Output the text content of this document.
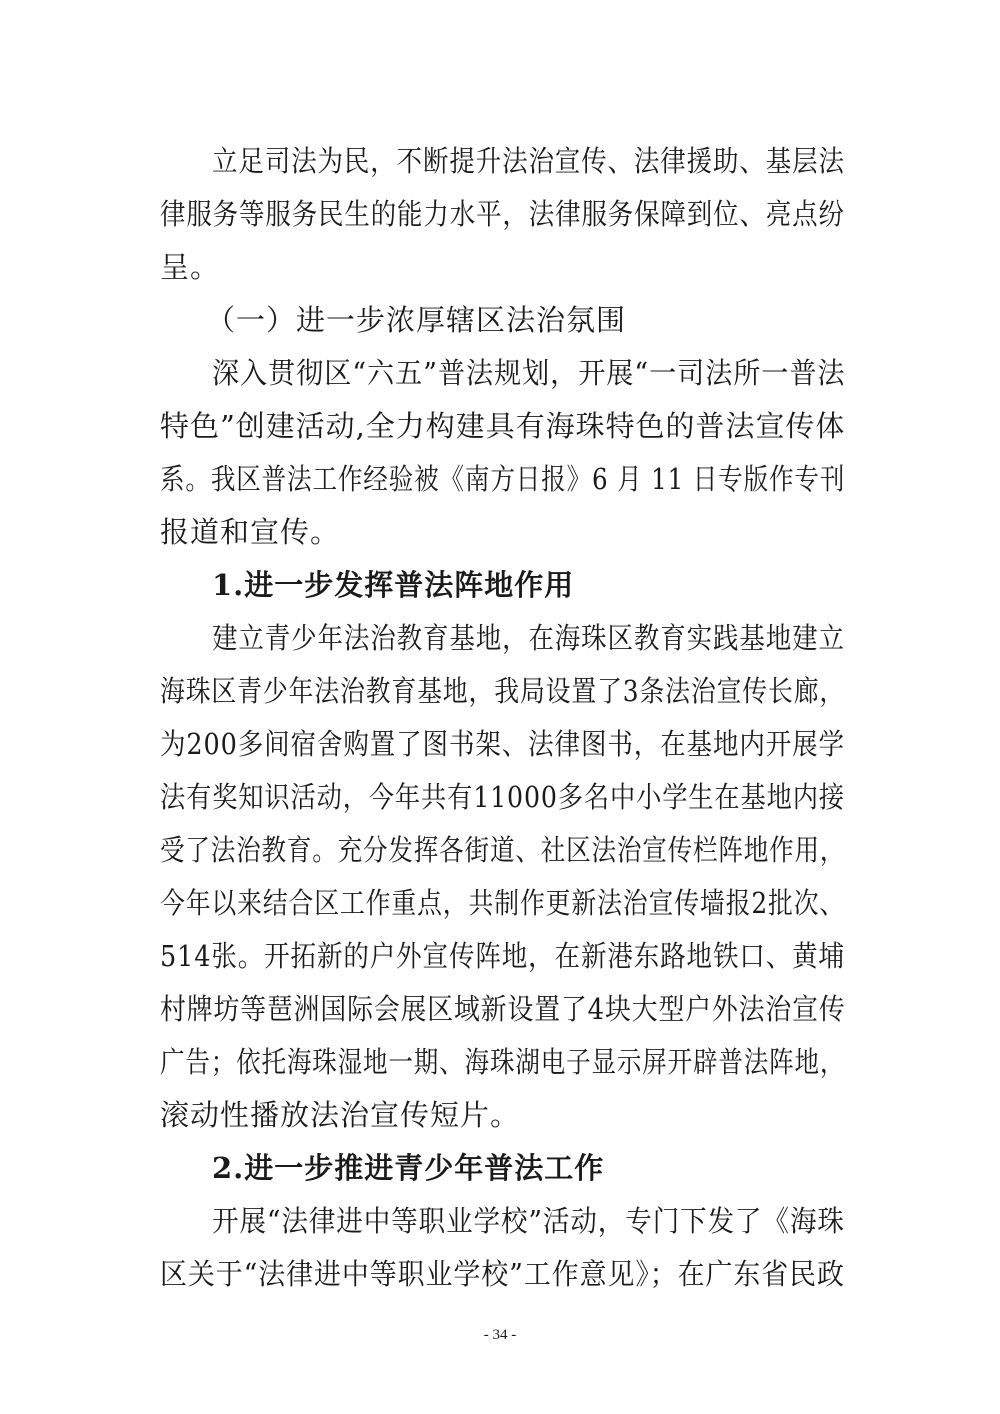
立足司法为民，不断提升法治宣传、法律援助、基层法
律服务等服务民生的能力水平，法律服务保障到位、亮点纷
呈。
（一）进一步浓厚辖区法治氛围
深入贯彻区“六五”普法规划，开展“一司法所一普法
特色”创建活动,全力构建具有海珠特色的普法宣传体
系。我区普法工作经验被《南方日报》6 月 11 日专版作专刊
报道和宣传。
1.进一步发挥普法阵地作用
建立青少年法治教育基地，在海珠区教育实践基地建立
海珠区青少年法治教育基地，我局设置了3条法治宣传长廊，
为200多间宿舍购置了图书架、法律图书，在基地内开展学
法有奖知识活动，今年共有11000多名中小学生在基地内接
受了法治教育。充分发挥各街道、社区法治宣传栏阵地作用，
今年以来结合区工作重点，共制作更新法治宣传墙报2批次、
514张。开拓新的户外宣传阵地，在新港东路地铁口、黄埔
村牌坊等琶洲国际会展区域新设置了4块大型户外法治宣传
广告；依托海珠湿地一期、海珠湖电子显示屏开辟普法阵地，
滚动性播放法治宣传短片。
2.进一步推进青少年普法工作
开展“法律进中等职业学校”活动，专门下发了《海珠
区关于“法律进中等职业学校”工作意见》；在广东省民政
- 34 -
